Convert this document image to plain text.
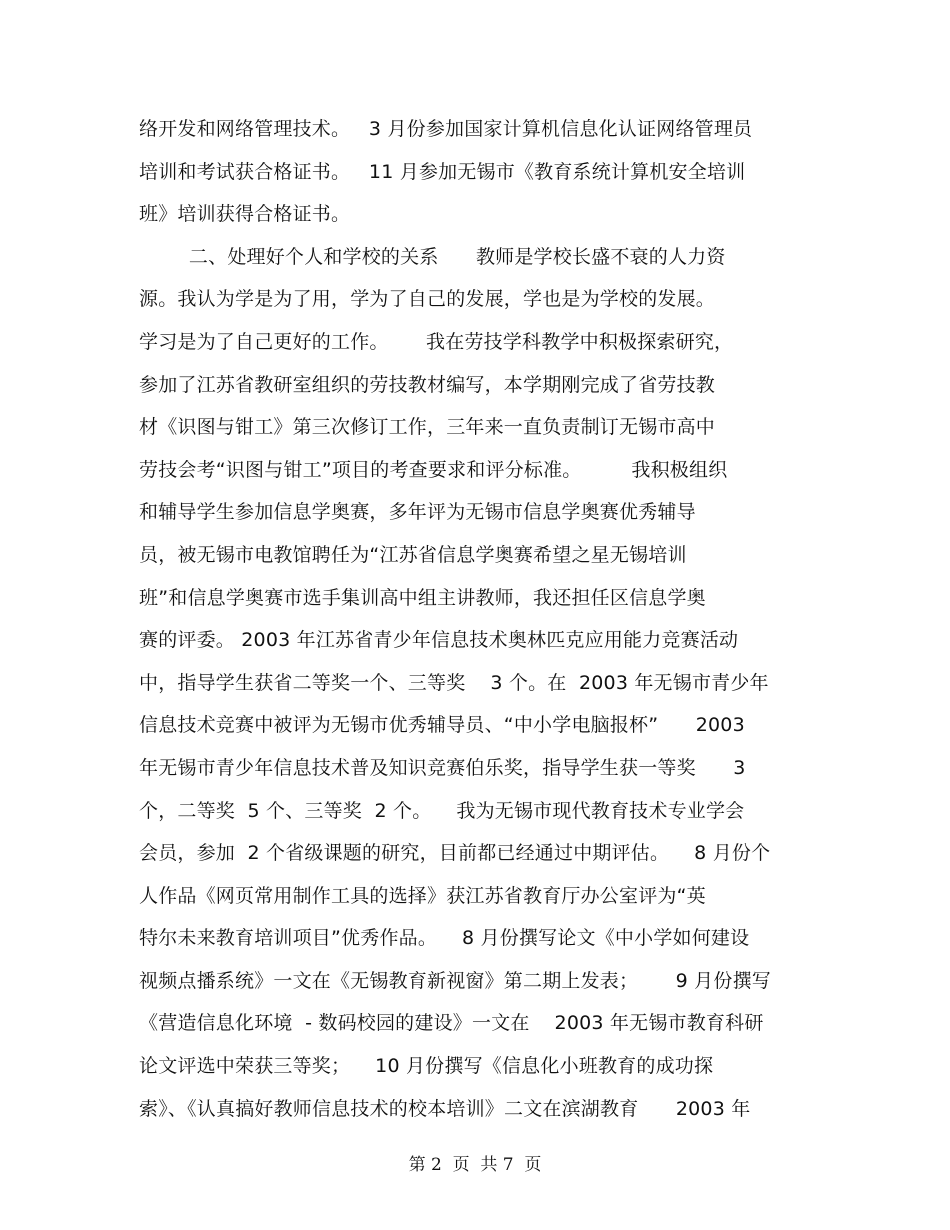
络开发和网络管理技术。   3 月份参加国家计算机信息化认证网络管理员
培训和考试获合格证书。   11 月参加无锡市《教育系统计算机安全培训
班》培训获得合格证书。
二、处理好个人和学校的关系      教师是学校长盛不衰的人力资
源。我认为学是为了用，学为了自己的发展，学也是为学校的发展。
学习是为了自己更好的工作。      我在劳技学科教学中积极探索研究，
参加了江苏省教研室组织的劳技教材编写，本学期刚完成了省劳技教
材《识图与钳工》第三次修订工作，三年来一直负责制订无锡市高中
劳技会考“识图与钳工”项目的考查要求和评分标准。        我积极组织
和辅导学生参加信息学奥赛，多年评为无锡市信息学奥赛优秀辅导
员，被无锡市电教馆聘任为“江苏省信息学奥赛希望之星无锡培训
班”和信息学奥赛市选手集训高中组主讲教师，我还担任区信息学奥
赛的评委。 2003 年江苏省青少年信息技术奥林匹克应用能力竞赛活动
中，指导学生获省二等奖一个、三等奖    3 个。在  2003 年无锡市青少年
信息技术竞赛中被评为无锡市优秀辅导员、“中小学电脑报杯”      2003
年无锡市青少年信息技术普及知识竞赛伯乐奖，指导学生获一等奖      3
个，二等奖  5 个、三等奖  2 个。    我为无锡市现代教育技术专业学会
会员，参加  2 个省级课题的研究，目前都已经通过中期评估。    8 月份个
人作品《网页常用制作工具的选择》获江苏省教育厅办公室评为“英
特尔未来教育培训项目”优秀作品。    8 月份撰写论文《中小学如何建设
视频点播系统》一文在《无锡教育新视窗》第二期上发表；      9 月份撰写
《营造信息化环境  - 数码校园的建设》一文在    2003 年无锡市教育科研
论文评选中荣获三等奖；    10 月份撰写《信息化小班教育的成功探
索》、《认真搞好教师信息技术的校本培训》二文在滨湖教育      2003 年
第 2  页  共 7  页
